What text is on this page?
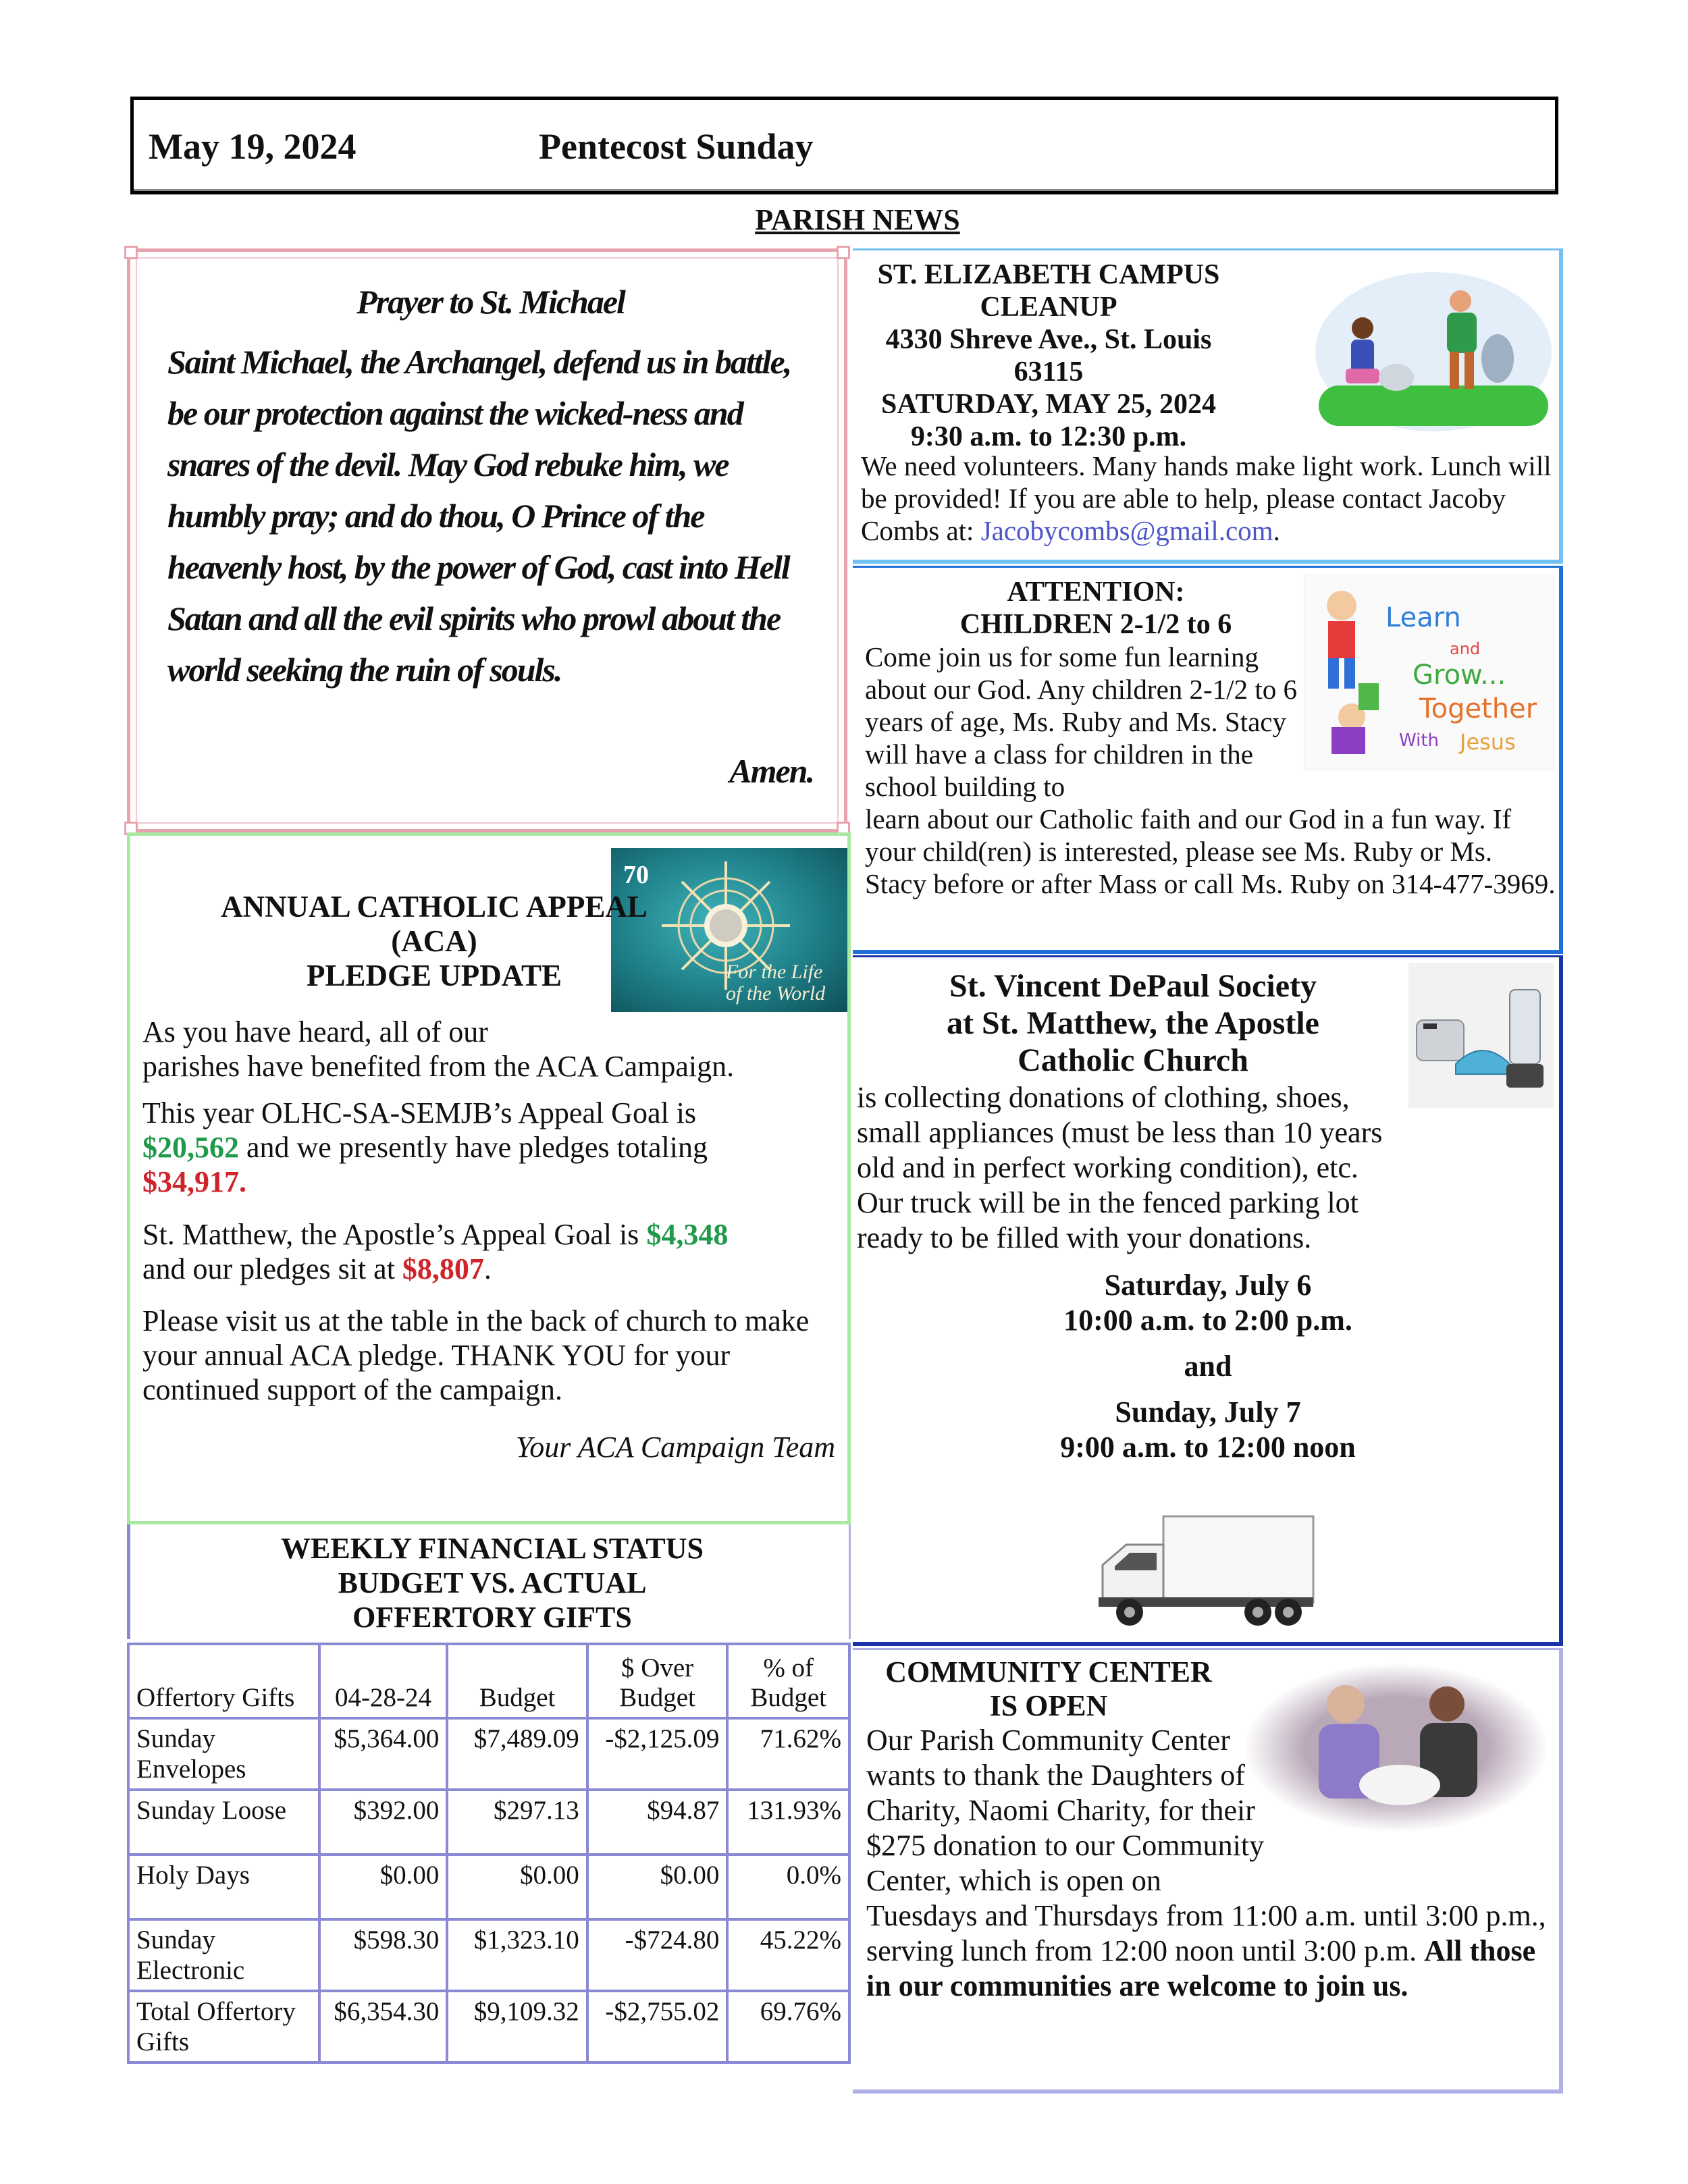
May 19, 2024	Pentecost Sunday
PARISH NEWS
Prayer to St. Michael
Saint Michael, the Archangel, defend us in battle, be our protection against the wicked-ness and snares of the devil. May God rebuke him, we humbly pray; and do thou, O Prince of the heavenly host, by the power of God, cast into Hell Satan and all the evil spirits who prowl about the world seeking the ruin of souls.
Amen.
70
For the Life of the World
ANNUAL CATHOLIC APPEAL
(ACA)
PLEDGE UPDATE
As you have heard, all of our
parishes have benefited from the ACA Campaign.
This year OLHC-SA-SEMJB’s Appeal Goal is
$20,562 and we presently have pledges totaling
$34,917.
St. Matthew, the Apostle’s Appeal Goal is $4,348
and our pledges sit at $8,807.
Please visit us at the table in the back of church to make your annual ACA pledge. THANK YOU for your continued support of the campaign.
Your ACA Campaign Team
WEEKLY FINANCIAL STATUS
BUDGET VS. ACTUAL
OFFERTORY GIFTS
Offertory Gifts	04-28-24	Budget	$ Over Budget	% of Budget
Sunday Envelopes	$5,364.00	$7,489.09	-$2,125.09	71.62%
Sunday Loose	$392.00	$297.13	$94.87	131.93%
Holy Days	$0.00	$0.00	$0.00	0.0%
Sunday Electronic	$598.30	$1,323.10	-$724.80	45.22%
Total Offertory Gifts	$6,354.30	$9,109.32	-$2,755.02	69.76%
ST. ELIZABETH CAMPUS
CLEANUP
4330 Shreve Ave., St. Louis
63115
SATURDAY, MAY 25, 2024
9:30 a.m. to 12:30 p.m.
We need volunteers. Many hands make light work. Lunch will be provided! If you are able to help, please contact Jacoby Combs at: Jacobycombs@gmail.com.
ATTENTION:
CHILDREN 2-1/2 to 6	Learn
and
Grow...
Together
With Jesus
Come join us for some fun learning about our God. Any children 2-1/2 to 6 years of age, Ms. Ruby and Ms. Stacy will have a class for children in the school building to
learn about our Catholic faith and our God in a fun way. If your child(ren) is interested, please see Ms. Ruby or Ms. Stacy before or after Mass or call Ms. Ruby on 314-477-3969.
St. Vincent DePaul Society
at St. Matthew, the Apostle
Catholic Church
is collecting donations of clothing, shoes, small appliances (must be less than 10 years old and in perfect working condition), etc. Our truck will be in the fenced parking lot ready to be filled with your donations.
Saturday, July 6
10:00 a.m. to 2:00 p.m.
and
Sunday, July 7
9:00 a.m. to 12:00 noon
COMMUNITY CENTER
IS OPEN
Our Parish Community Center wants to thank the Daughters of Charity, Naomi Charity, for their $275 donation to our Community Center, which is open on Tuesdays and Thursdays from 11:00 a.m. until 3:00 p.m., serving lunch from 12:00 noon until 3:00 p.m. All those in our communities are welcome to join us.
